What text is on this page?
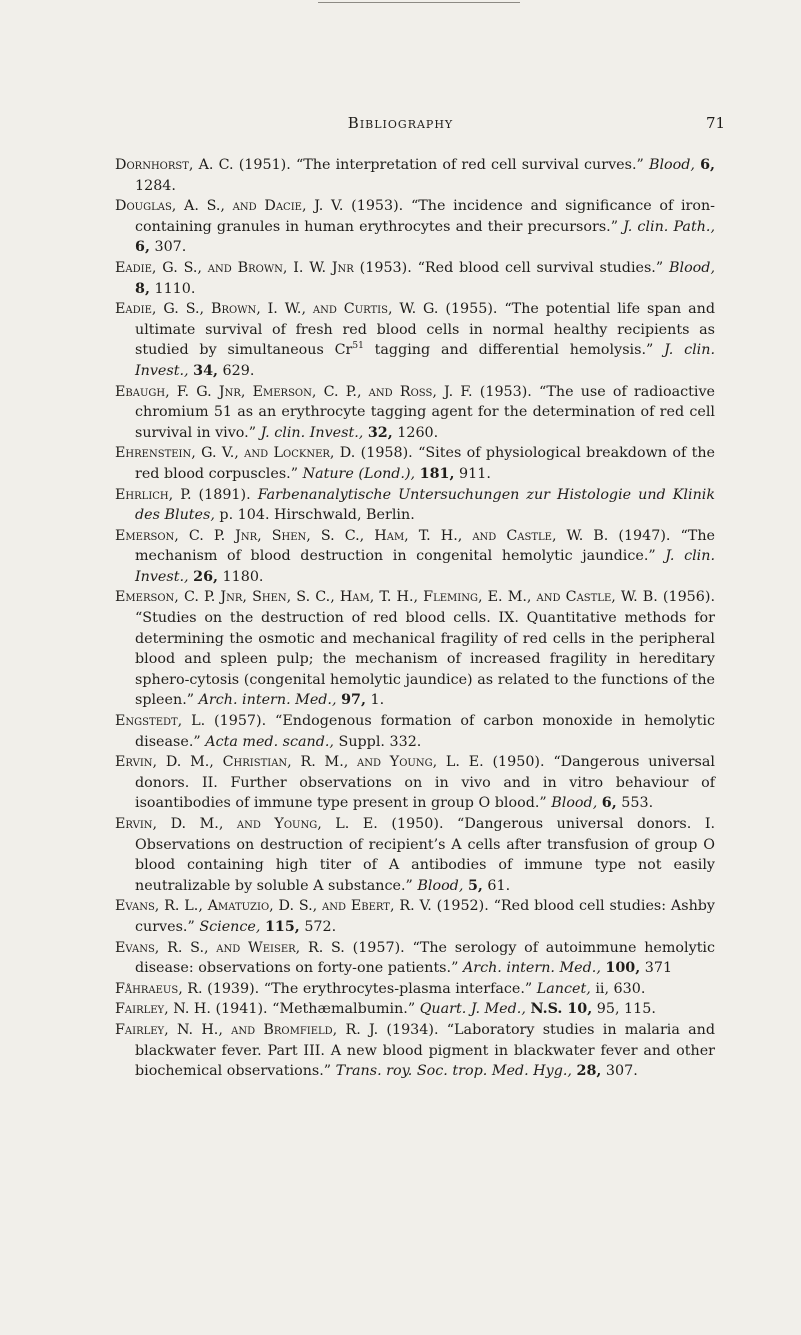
Bibliography	71

Dornhorst, A. C. (1951). “The interpretation of red cell survival curves.” Blood, 6, 1284.

Douglas, A. S., and Dacie, J. V. (1953). “The incidence and significance of iron-containing granules in human erythrocytes and their precursors.” J. clin. Path., 6, 307.

Eadie, G. S., and Brown, I. W. Jnr (1953). “Red blood cell survival studies.” Blood, 8, 1110.

Eadie, G. S., Brown, I. W., and Curtis, W. G. (1955). “The potential life span and ultimate survival of fresh red blood cells in normal healthy recipients as studied by simultaneous Cr$^{51}$ tagging and differential hemolysis.” J. clin. Invest., 34, 629.

Ebaugh, F. G. Jnr, Emerson, C. P., and Ross, J. F. (1953). “The use of radioactive chromium 51 as an erythrocyte tagging agent for the determination of red cell survival in vivo.” J. clin. Invest., 32, 1260.

Ehrenstein, G. V., and Lockner, D. (1958). “Sites of physiological breakdown of the red blood corpuscles.” Nature (Lond.), 181, 911.

Ehrlich, P. (1891). Farbenanalytische Untersuchungen zur Histologie und Klinik des Blutes, p. 104. Hirschwald, Berlin.

Emerson, C. P. Jnr, Shen, S. C., Ham, T. H., and Castle, W. B. (1947). “The mechanism of blood destruction in congenital hemolytic jaundice.” J. clin. Invest., 26, 1180.

Emerson, C. P. Jnr, Shen, S. C., Ham, T. H., Fleming, E. M., and Castle, W. B. (1956). “Studies on the destruction of red blood cells. IX. Quantitative methods for determining the osmotic and mechanical fragility of red cells in the peripheral blood and spleen pulp; the mechanism of increased fragility in hereditary sphero-cytosis (congenital hemolytic jaundice) as related to the functions of the spleen.” Arch. intern. Med., 97, 1.

Engstedt, L. (1957). “Endogenous formation of carbon monoxide in hemolytic disease.” Acta med. scand., Suppl. 332.

Ervin, D. M., Christian, R. M., and Young, L. E. (1950). “Dangerous universal donors. II. Further observations on in vivo and in vitro behaviour of isoantibodies of immune type present in group O blood.” Blood, 6, 553.

Ervin, D. M., and Young, L. E. (1950). “Dangerous universal donors. I. Observations on destruction of recipient’s A cells after transfusion of group O blood containing high titer of A antibodies of immune type not easily neutralizable by soluble A substance.” Blood, 5, 61.

Evans, R. L., Amatuzio, D. S., and Ebert, R. V. (1952). “Red blood cell studies: Ashby curves.” Science, 115, 572.

Evans, R. S., and Weiser, R. S. (1957). “The serology of autoimmune hemolytic disease: observations on forty-one patients.” Arch. intern. Med., 100, 371

Fåhraeus, R. (1939). “The erythrocytes-plasma interface.” Lancet, ii, 630.

Fairley, N. H. (1941). “Methæmalbumin.” Quart. J. Med., N.S. 10, 95, 115.

Fairley, N. H., and Bromfield, R. J. (1934). “Laboratory studies in malaria and blackwater fever. Part III. A new blood pigment in blackwater fever and other biochemical observations.” Trans. roy. Soc. trop. Med. Hyg., 28, 307.
